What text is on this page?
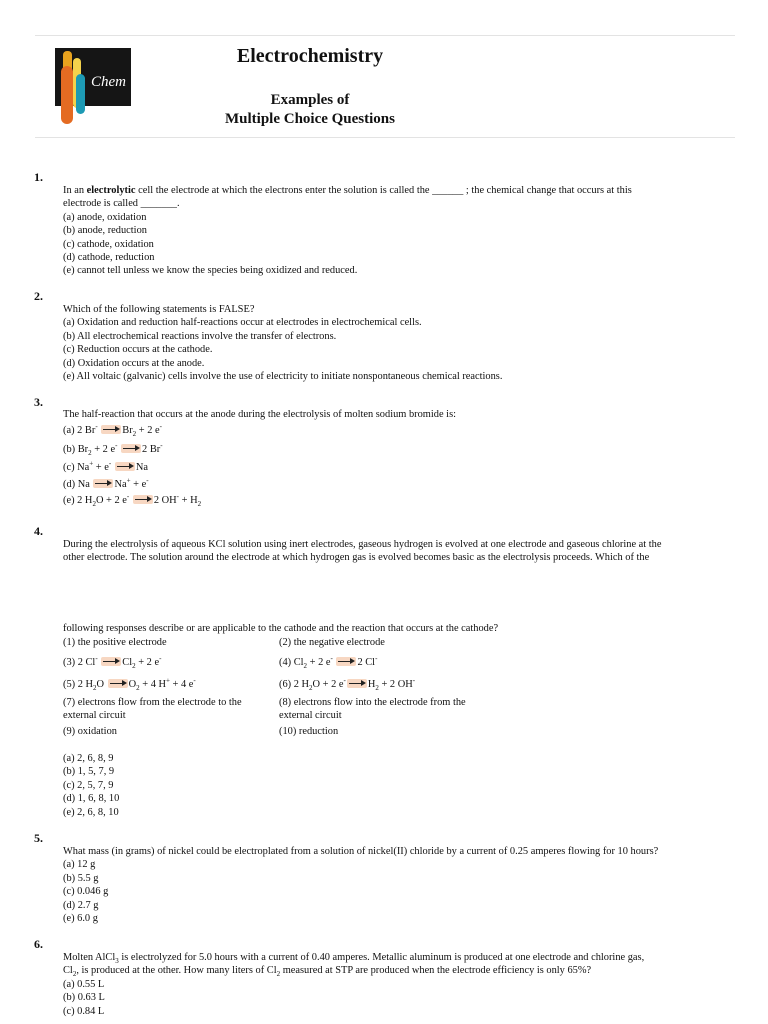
Chem
Electrochemistry
Examples of
Multiple Choice Questions
1.
In an electrolytic cell the electrode at which the electrons enter the solution is called the ______ ; the chemical change that occurs at this
electrode is called _______.
(a) anode, oxidation
(b) anode, reduction
(c) cathode, oxidation
(d) cathode, reduction
(e) cannot tell unless we know the species being oxidized and reduced.
2.
Which of the following statements is FALSE?
(a) Oxidation and reduction half-reactions occur at electrodes in electrochemical cells.
(b) All electrochemical reactions involve the transfer of electrons.
(c) Reduction occurs at the cathode.
(d) Oxidation occurs at the anode.
(e) All voltaic (galvanic) cells involve the use of electricity to initiate nonspontaneous chemical reactions.
3.
The half-reaction that occurs at the anode during the electrolysis of molten sodium bromide is:
(a) 2 Br- $Br_2 + 2$ e-
(b) $Br_2 + 2$ e- 2 Br-
(c) Na+ + e- Na
(d) Na Na+ + e-
(e) 2 $H_2O + 2$ e- 2 $OH^- + H_2$
4.
During the electrolysis of aqueous KCl solution using inert electrodes, gaseous hydrogen is evolved at one electrode and gaseous chlorine at the
other electrode. The solution around the electrode at which hydrogen gas is evolved becomes basic as the electrolysis proceeds. Which of the
following responses describe or are applicable to the cathode and the reaction that occurs at the cathode?
(1) the positive electrode	(2) the negative electrode
(3) 2 Cl- $Cl_2 + 2$ e-	(4) $Cl_2 + 2$ e- 2 Cl-
(5) 2 $H_2O$ $O_2 + 4$ H+ + 4 e-	(6) 2 $H_2O + 2$ e- $H_2 + 2$ OH-
(7) electrons flow from the electrode to the
external circuit
(8) electrons flow into the electrode from the
external circuit
(9) oxidation	(10) reduction
(a) 2, 6, 8, 9
(b) 1, 5, 7, 9
(c) 2, 5, 7, 9
(d) 1, 6, 8, 10
(e) 2, 6, 8, 10
5.
What mass (in grams) of nickel could be electroplated from a solution of nickel(II) chloride by a current of 0.25 amperes flowing for 10 hours?
(a) 12 g
(b) 5.5 g
(c) 0.046 g
(d) 2.7 g
(e) 6.0 g
6.
Molten AlCl$_3$ is electrolyzed for 5.0 hours with a current of 0.40 amperes. Metallic aluminum is produced at one electrode and chlorine gas,
$Cl_2$, is produced at the other. How many liters of $Cl_2$ measured at STP are produced when the electrode efficiency is only 65%?
(a) 0.55 L
(b) 0.63 L
(c) 0.84 L
